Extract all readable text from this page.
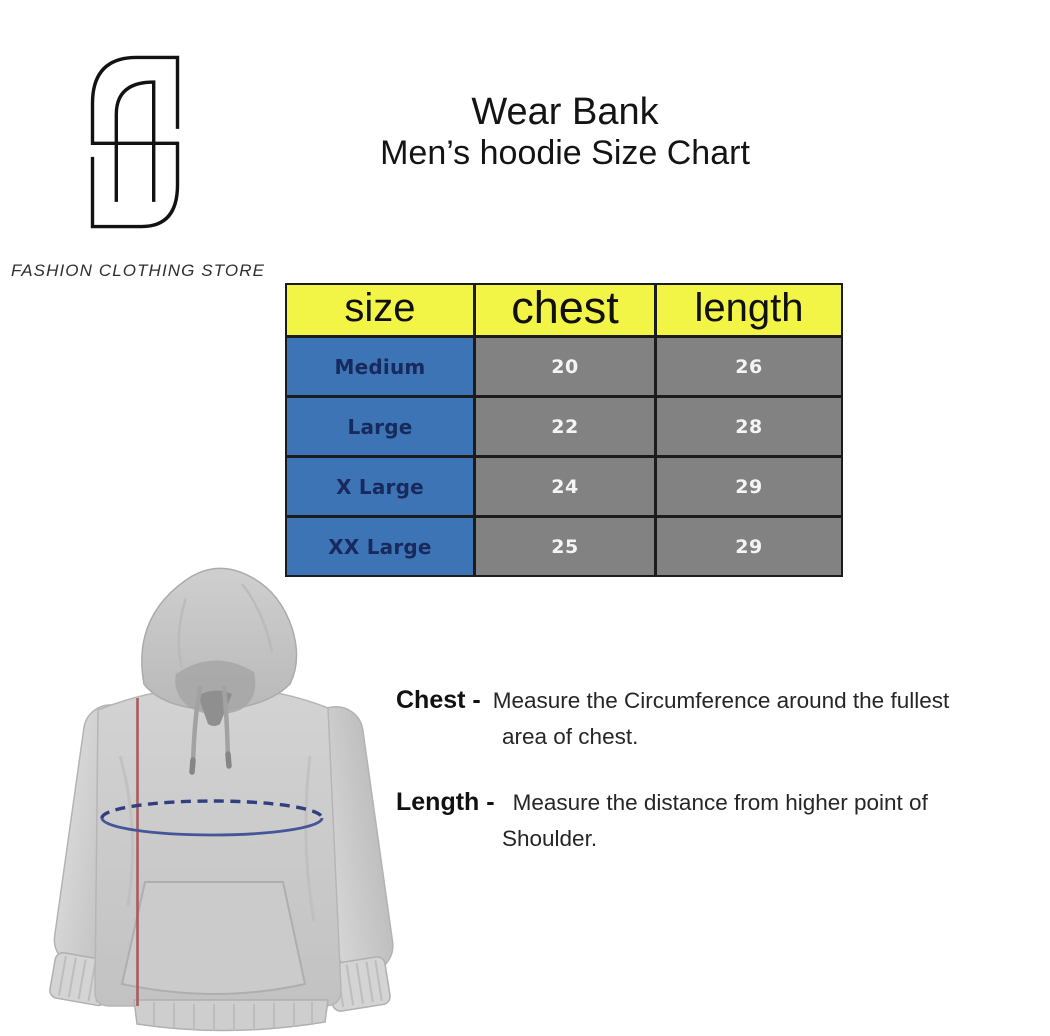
FASHION CLOTHING STORE
Wear Bank
Men’s hoodie Size Chart
size	chest	length
Medium	20	26
Large	22	28
X Large	24	29
XX Large	25	29
Chest - Measure the Circumference around the fullest
area of chest.
Length - Measure the distance from higher point of
Shoulder.
